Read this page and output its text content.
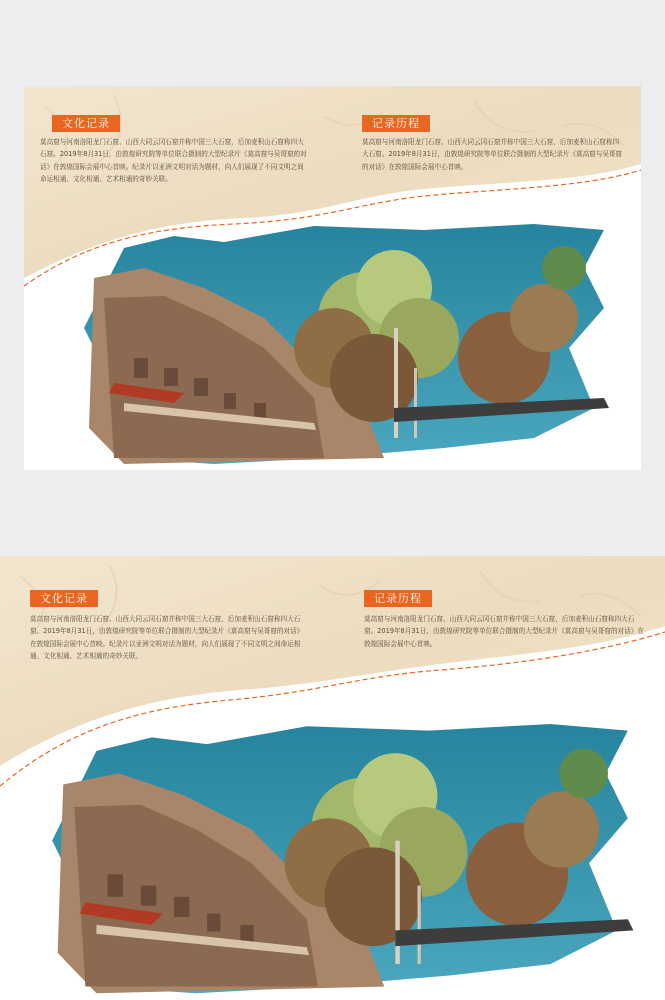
文化记录
莫高窟与河南洛阳龙门石窟、山西大同云冈石窟并称中国三大石窟，后加麦积山石窟称四大石窟。2019年8月31日，由敦煌研究院等单位联合摄制的大型纪录片《莫高窟与吴哥窟的对话》在敦煌国际会展中心首映。纪录片以亚洲文明对话为题材，向人们展现了不同文明之间命运相通、文化相通、艺术相通的奇妙关联。
记录历程
莫高窟与河南洛阳龙门石窟、山西大同云冈石窟并称中国三大石窟，后加麦积山石窟称四大石窟。2019年8月31日，由敦煌研究院等单位联合摄制的大型纪录片《莫高窟与吴哥窟的对话》在敦煌国际会展中心首映。
文化记录
莫高窟与河南洛阳龙门石窟、山西大同云冈石窟并称中国三大石窟，后加麦积山石窟称四大石窟。2019年8月31日，由敦煌研究院等单位联合摄制的大型纪录片《莫高窟与吴哥窟的对话》在敦煌国际会展中心首映。纪录片以亚洲文明对话为题材，向人们展现了不同文明之间命运相通、文化相通、艺术相通的奇妙关联。
记录历程
莫高窟与河南洛阳龙门石窟、山西大同云冈石窟并称中国三大石窟，后加麦积山石窟称四大石窟。2019年8月31日，由敦煌研究院等单位联合摄制的大型纪录片《莫高窟与吴哥窟的对话》在敦煌国际会展中心首映。
